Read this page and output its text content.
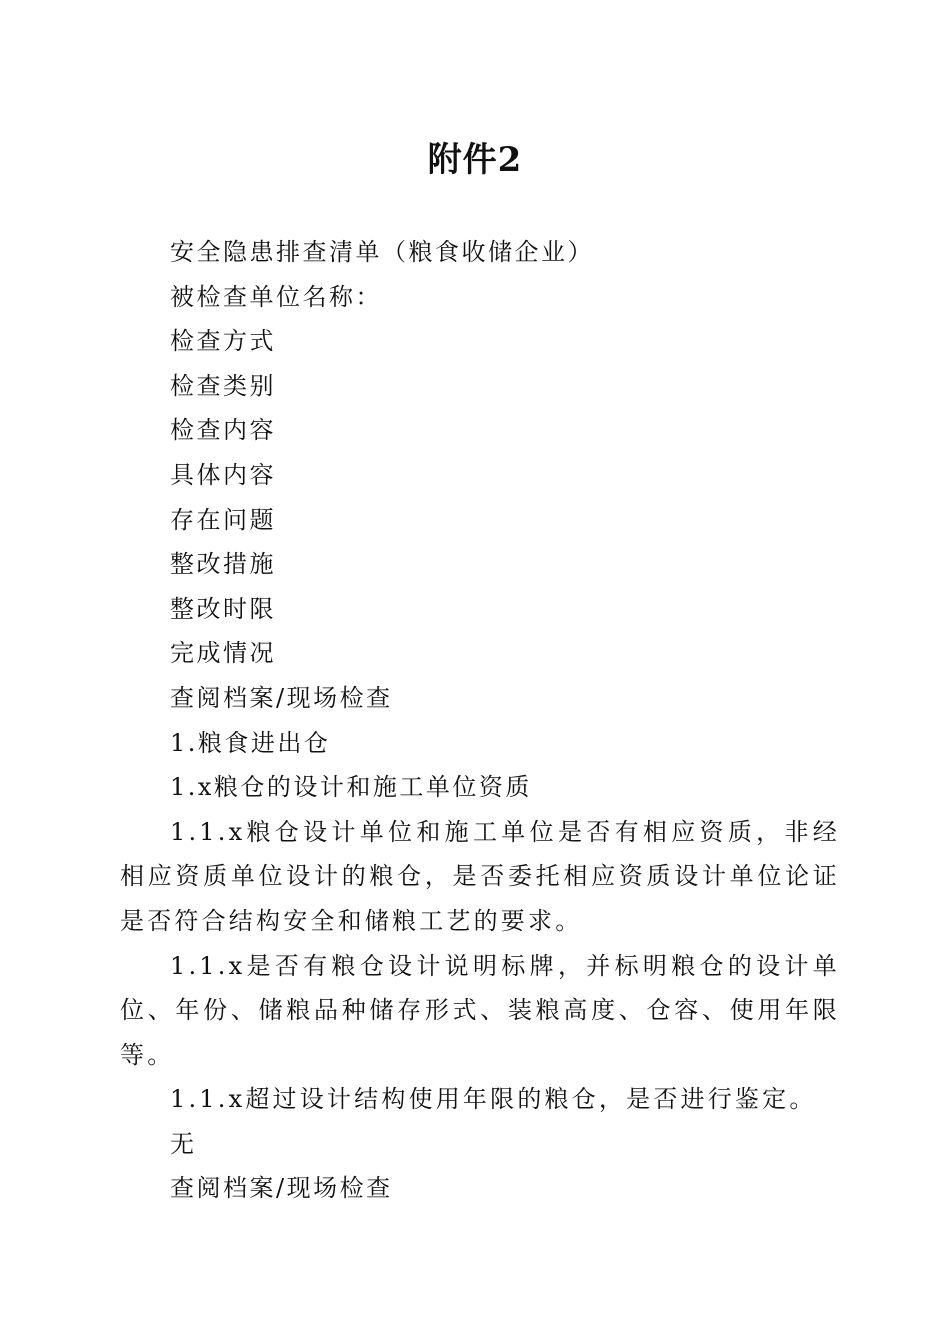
附件2

安全隐患排查清单（粮食收储企业）

被检查单位名称：

检查方式

检查类别

检查内容

具体内容

存在问题

整改措施

整改时限

完成情况

查阅档案/现场检查

1.粮食进出仓

1.x粮仓的设计和施工单位资质

1.1.x粮仓设计单位和施工单位是否有相应资质，非经相应资质单位设计的粮仓，是否委托相应资质设计单位论证是否符合结构安全和储粮工艺的要求。

1.1.x是否有粮仓设计说明标牌，并标明粮仓的设计单位、年份、储粮品种储存形式、装粮高度、仓容、使用年限等。

1.1.x超过设计结构使用年限的粮仓，是否进行鉴定。

无

查阅档案/现场检查
